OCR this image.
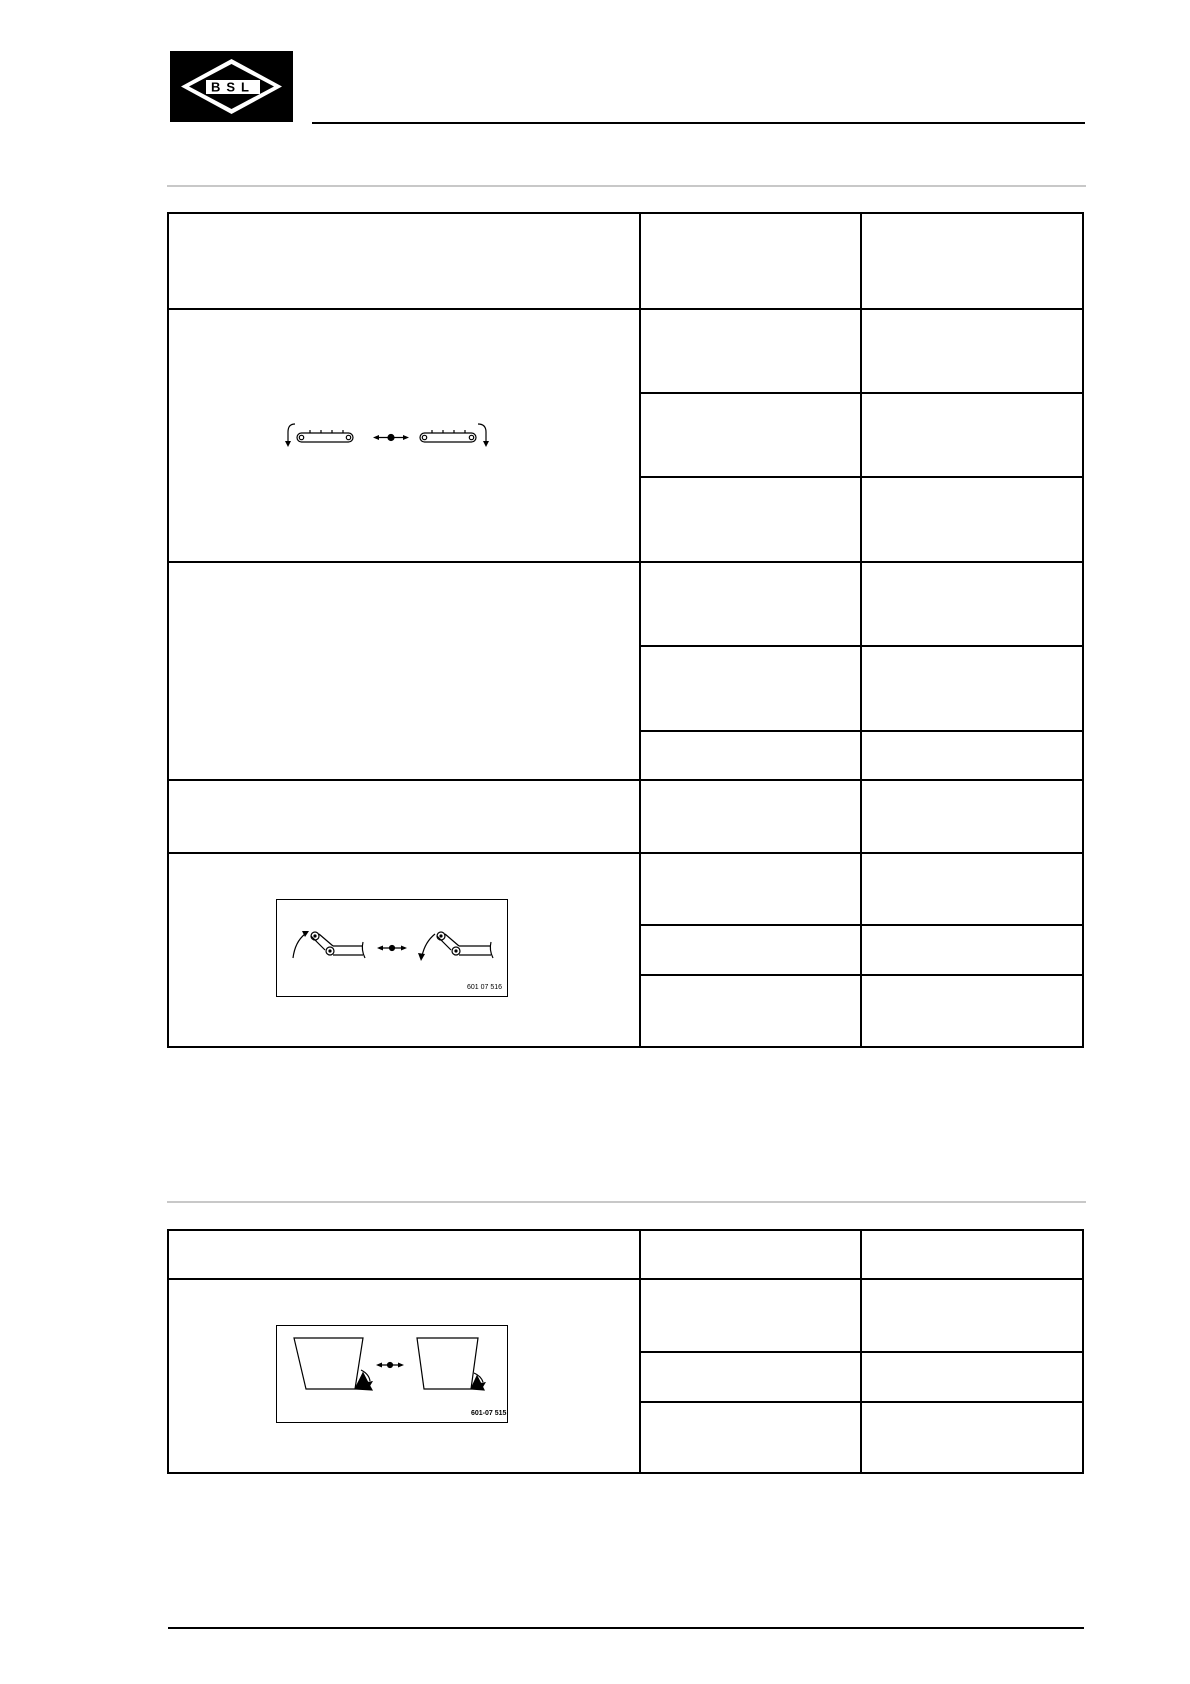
BSL
601 07 516
601-07 515
